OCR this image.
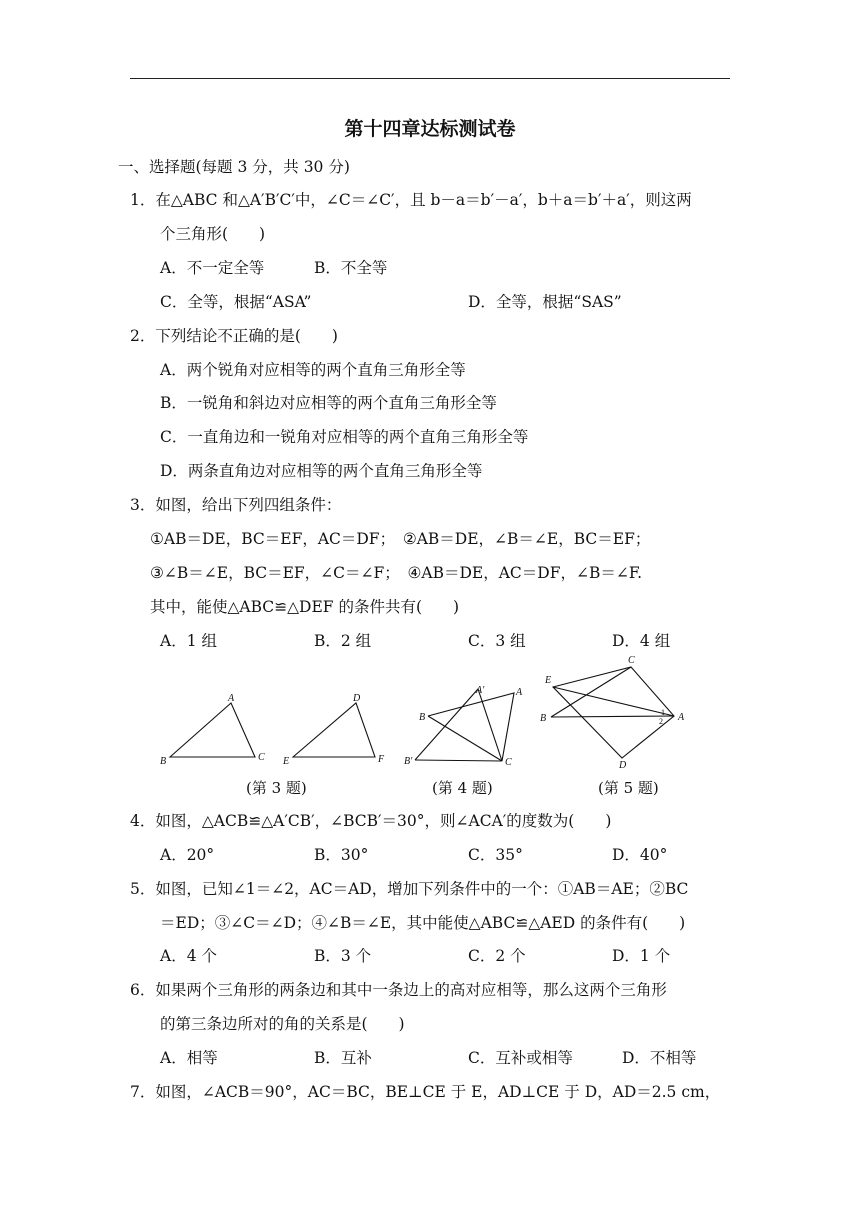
第十四章达标测试卷
一、选择题(每题 3 分，共 30 分)
1．在△ABC 和△A′B′C′中，∠C＝∠C′，且 b－a＝b′－a′，b＋a＝b′＋a′，则这两
个三角形(　　)
A．不一定全等	B．不全等
C．全等，根据“ASA”	D．全等，根据“SAS”
2．下列结论不正确的是(　　)
A．两个锐角对应相等的两个直角三角形全等
B．一锐角和斜边对应相等的两个直角三角形全等
C．一直角边和一锐角对应相等的两个直角三角形全等
D．两条直角边对应相等的两个直角三角形全等
3．如图，给出下列四组条件：
①AB＝DE，BC＝EF，AC＝DF；　②AB＝DE，∠B＝∠E，BC＝EF；
③∠B＝∠E，BC＝EF，∠C＝∠F；　④AB＝DE，AC＝DF，∠B＝∠F.
其中，能使△ABC≌△DEF 的条件共有(　　)
A．1 组	B．2 组	C．3 组	D．4 组
B
A
C E
D
F
A′	A
B
B′	C
C
E
B	A
D
1
2
(第 3 题)	(第 4 题)	(第 5 题)
4．如图，△ACB≌△A′CB′，∠BCB′＝30°，则∠ACA′的度数为(　　)
A．20°	B．30°	C．35°	D．40°
5．如图，已知∠1＝∠2，AC＝AD，增加下列条件中的一个：①AB＝AE；②BC
＝ED；③∠C＝∠D；④∠B＝∠E，其中能使△ABC≌△AED 的条件有(　　)
A．4 个	B．3 个	C．2 个	D．1 个
6．如果两个三角形的两条边和其中一条边上的高对应相等，那么这两个三角形
的第三条边所对的角的关系是(　　)
A．相等	B．互补	C．互补或相等	D．不相等
7．如图，∠ACB＝90°，AC＝BC，BE⊥CE 于 E，AD⊥CE 于 D，AD＝2.5 cm，
